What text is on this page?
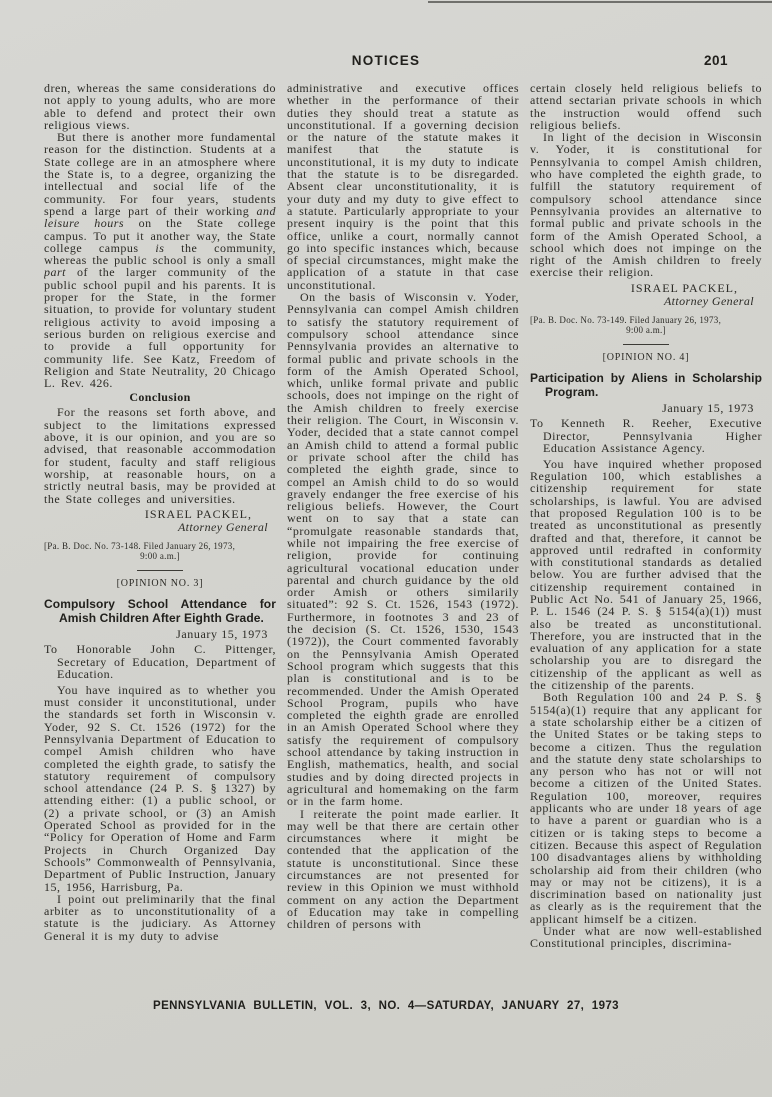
NOTICES	201
dren, whereas the same considerations do not apply to young adults, who are more able to defend and protect their own religious views.
But there is another more fundamental reason for the distinction. Students at a State college are in an atmosphere where the State is, to a degree, organizing the intellectual and social life of the community. For four years, students spend a large part of their working and leisure hours on the State college campus. To put it another way, the State college campus is the community, whereas the public school is only a small part of the larger community of the public school pupil and his parents. It is proper for the State, in the former situation, to provide for voluntary student religious activity to avoid imposing a serious burden on religious exercise and to provide a full opportunity for community life. See Katz, Freedom of Religion and State Neutrality, 20 Chicago L. Rev. 426.
Conclusion
For the reasons set forth above, and subject to the limitations expressed above, it is our opinion, and you are so advised, that reasonable accommodation for student, faculty and staff religious worship, at reasonable hours, on a strictly neutral basis, may be provided at the State colleges and universities.
ISRAEL PACKEL,
Attorney General
[Pa. B. Doc. No. 73-148. Filed January 26, 1973,
9:00 a.m.]
[OPINION NO. 3]
Compulsory School Attendance for Amish Children After Eighth Grade.
January 15, 1973
To Honorable John C. Pittenger, Secretary of Education, Department of Education.
You have inquired as to whether you must consider it unconstitutional, under the standards set forth in Wisconsin v. Yoder, 92 S. Ct. 1526 (1972) for the Pennsylvania Department of Education to compel Amish children who have completed the eighth grade, to satisfy the statutory requirement of compulsory school attendance (24 P. S. § 1327) by attending either: (1) a public school, or (2) a private school, or (3) an Amish Operated School as provided for in the “Policy for Operation of Home and Farm Projects in Church Organized Day Schools” Commonwealth of Pennsylvania, Department of Public Instruction, January 15, 1956, Harrisburg, Pa.
I point out preliminarily that the final arbiter as to unconstitutionality of a statute is the judiciary. As Attorney General it is my duty to advise
administrative and executive offices whether in the performance of their duties they should treat a statute as unconstitutional. If a governing decision or the nature of the statute makes it manifest that the statute is unconstitutional, it is my duty to indicate that the statute is to be disregarded. Absent clear unconstitutionality, it is your duty and my duty to give effect to a statute. Particularly appropriate to your present inquiry is the point that this office, unlike a court, normally cannot go into specific instances which, because of special circumstances, might make the application of a statute in that case unconstitutional.
On the basis of Wisconsin v. Yoder, Pennsylvania can compel Amish children to satisfy the statutory requirement of compulsory school attendance since Pennsylvania provides an alternative to formal public and private schools in the form of the Amish Operated School, which, unlike formal private and public schools, does not impinge on the right of the Amish children to freely exercise their religion. The Court, in Wisconsin v. Yoder, decided that a state cannot compel an Amish child to attend a formal public or private school after the child has completed the eighth grade, since to compel an Amish child to do so would gravely endanger the free exercise of his religious beliefs. However, the Court went on to say that a state can “promulgate reasonable standards that, while not impairing the free exercise of religion, provide for continuing agricultural vocational education under parental and church guidance by the old order Amish or others similarily situated”: 92 S. Ct. 1526, 1543 (1972). Furthermore, in footnotes 3 and 23 of the decision (S. Ct. 1526, 1530, 1543 (1972)), the Court commented favorably on the Pennsylvania Amish Operated School program which suggests that this plan is constitutional and is to be recommended. Under the Amish Operated School Program, pupils who have completed the eighth grade are enrolled in an Amish Operated School where they satisfy the requirement of compulsory school attendance by taking instruction in English, mathematics, health, and social studies and by doing directed projects in agricultural and homemaking on the farm or in the farm home.
I reiterate the point made earlier. It may well be that there are certain other circumstances where it might be contended that the application of the statute is unconstitutional. Since these circumstances are not presented for review in this Opinion we must withhold comment on any action the Department of Education may take in compelling children of persons with
certain closely held religious beliefs to attend sectarian private schools in which the instruction would offend such religious beliefs.
In light of the decision in Wisconsin v. Yoder, it is constitutional for Pennsylvania to compel Amish children, who have completed the eighth grade, to fulfill the statutory requirement of compulsory school attendance since Pennsylvania provides an alternative to formal public and private schools in the form of the Amish Operated School, a school which does not impinge on the right of the Amish children to freely exercise their religion.
ISRAEL PACKEL,
Attorney General
[Pa. B. Doc. No. 73-149. Filed January 26, 1973,
9:00 a.m.]
[OPINION NO. 4]
Participation by Aliens in Scholarship Program.
January 15, 1973
To Kenneth R. Reeher, Executive Director, Pennsylvania Higher Education Assistance Agency.
You have inquired whether proposed Regulation 100, which establishes a citizenship requirement for state scholarships, is lawful. You are advised that proposed Regulation 100 is to be treated as unconstitutional as presently drafted and that, therefore, it cannot be approved until redrafted in conformity with constitutional standards as detalied below. You are further advised that the citizenship requirement contained in Public Act No. 541 of January 25, 1966, P. L. 1546 (24 P. S. § 5154(a)(1)) must also be treated as unconstitutional. Therefore, you are instructed that in the evaluation of any application for a state scholarship you are to disregard the citizenship of the applicant as well as the citizenship of the parents.
Both Regulation 100 and 24 P. S. § 5154(a)(1) require that any applicant for a state scholarship either be a citizen of the United States or be taking steps to become a citizen. Thus the regulation and the statute deny state scholarships to any person who has not or will not become a citizen of the United States. Regulation 100, moreover, requires applicants who are under 18 years of age to have a parent or guardian who is a citizen or is taking steps to become a citizen. Because this aspect of Regulation 100 disadvantages aliens by withholding scholarship aid from their children (who may or may not be citizens), it is a discrimination based on nationality just as clearly as is the requirement that the applicant himself be a citizen.
Under what are now well-established Constitutional principles, discrimina-
PENNSYLVANIA BULLETIN, VOL. 3, NO. 4—SATURDAY, JANUARY 27, 1973
